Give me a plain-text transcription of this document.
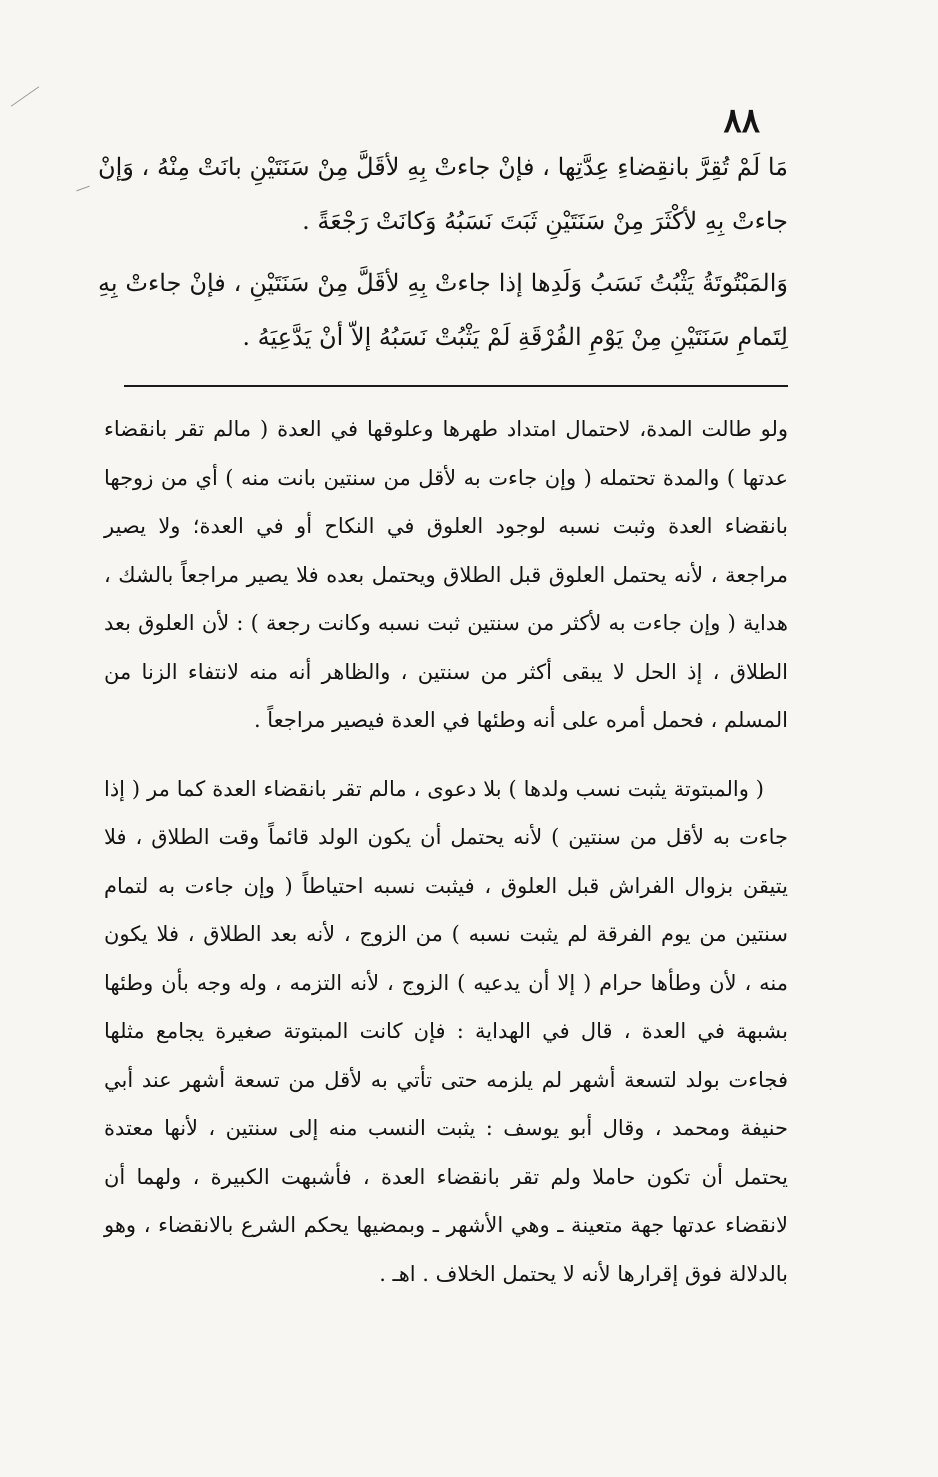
٨٨

مَا لَمْ تُقِرَّ بانقِضاءِ عِدَّتِها ، فإنْ جاءتْ بِهِ لأقَلَّ مِنْ سَنَتَيْنِ بانَتْ مِنْهُ ، وَإنْ جاءتْ بِهِ لأكْثَرَ مِنْ سَنَتَيْنِ ثَبَتَ نَسَبُهُ وَكانَتْ رَجْعَةً .

وَالمَبْتُوتَةُ يَثْبُتُ نَسَبُ وَلَدِها إذا جاءتْ بِهِ لأقَلَّ مِنْ سَنَتَيْنِ ، فإنْ جاءتْ بِهِ لِتَمامِ سَنَتَيْنِ مِنْ يَوْمِ الفُرْقَةِ لَمْ يَثْبُتْ نَسَبُهُ إلاّ أنْ يَدَّعِيَهُ .

ولو طالت المدة، لاحتمال امتداد طهرها وعلوقها في العدة ( مالم تقر بانقضاء عدتها ) والمدة تحتمله ( وإن جاءت به لأقل من سنتين بانت منه ) أي من زوجها بانقضاء العدة وثبت نسبه لوجود العلوق في النكاح أو في العدة؛ ولا يصير مراجعة ، لأنه يحتمل العلوق قبل الطلاق ويحتمل بعده فلا يصير مراجعاً بالشك ، هداية ( وإن جاءت به لأكثر من سنتين ثبت نسبه وكانت رجعة ) : لأن العلوق بعد الطلاق ، إذ الحل لا يبقى أكثر من سنتين ، والظاهر أنه منه لانتفاء الزنا من المسلم ، فحمل أمره على أنه وطئها في العدة فيصير مراجعاً .

( والمبتوتة يثبت نسب ولدها ) بلا دعوى ، مالم تقر بانقضاء العدة كما مر ( إذا جاءت به لأقل من سنتين ) لأنه يحتمل أن يكون الولد قائماً وقت الطلاق ، فلا يتيقن بزوال الفراش قبل العلوق ، فيثبت نسبه احتياطاً ( وإن جاءت به لتمام سنتين من يوم الفرقة لم يثبت نسبه ) من الزوج ، لأنه بعد الطلاق ، فلا يكون منه ، لأن وطأها حرام ( إلا أن يدعيه ) الزوج ، لأنه التزمه ، وله وجه بأن وطئها بشبهة في العدة ، قال في الهداية : فإن كانت المبتوتة صغيرة يجامع مثلها فجاءت بولد لتسعة أشهر لم يلزمه حتى تأتي به لأقل من تسعة أشهر عند أبي حنيفة ومحمد ، وقال أبو يوسف : يثبت النسب منه إلى سنتين ، لأنها معتدة يحتمل أن تكون حاملا ولم تقر بانقضاء العدة ، فأشبهت الكبيرة ، ولهما أن لانقضاء عدتها جهة متعينة ـ وهي الأشهر ـ وبمضيها يحكم الشرع بالانقضاء ، وهو بالدلالة فوق إقرارها لأنه لا يحتمل الخلاف . اهـ .
